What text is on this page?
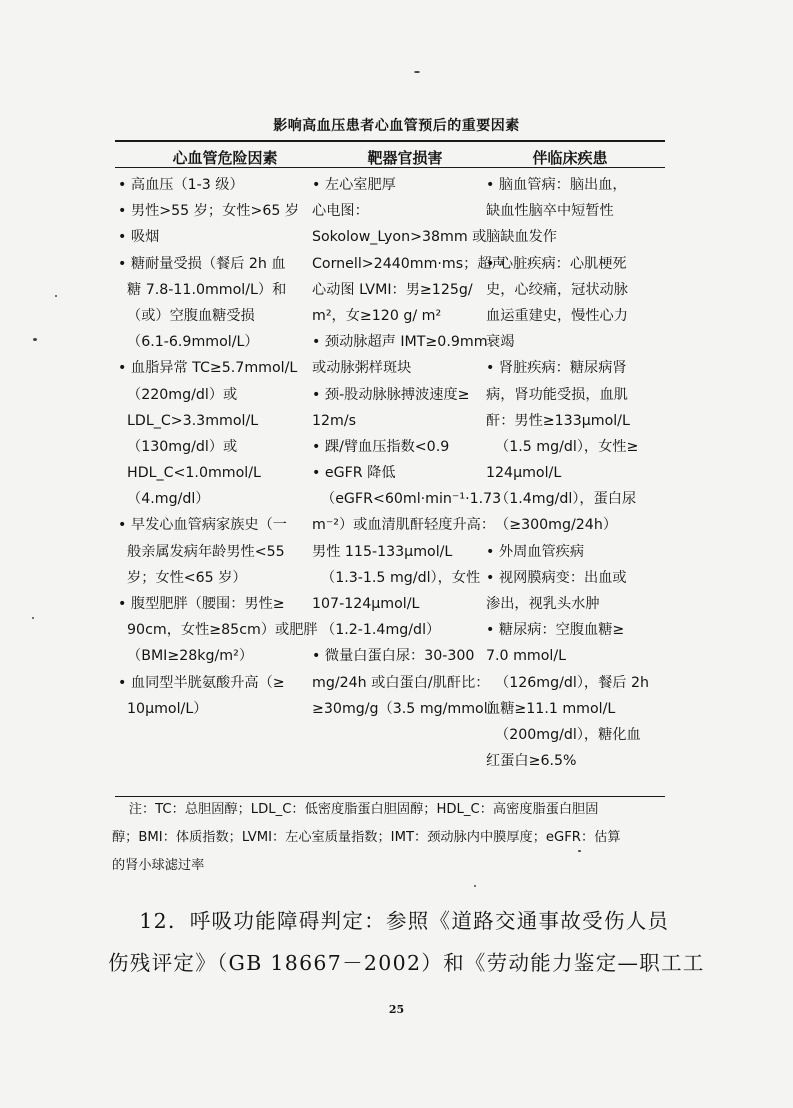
影响高血压患者心血管预后的重要因素
心血管危险因素	靶器官损害	伴临床疾患
• 高血压（1-3 级）
• 男性>55 岁；女性>65 岁
• 吸烟
• 糖耐量受损（餐后 2h 血
糖 7.8-11.0mmol/L）和
（或）空腹血糖受损
（6.1-6.9mmol/L）
• 血脂异常 TC≥5.7mmol/L
（220mg/dl）或
LDL_C>3.3mmol/L
（130mg/dl）或
HDL_C<1.0mmol/L
（4.mg/dl）
• 早发心血管病家族史（一
般亲属发病年龄男性<55
岁；女性<65 岁）
• 腹型肥胖（腰围：男性≥
90cm，女性≥85cm）或肥胖
（BMI≥28kg/m²）
• 血同型半胱氨酸升高（≥
10μmol/L）
• 左心室肥厚
心电图：
Sokolow_Lyon>38mm 或
Cornell>2440mm·ms；超声
心动图 LVMI：男≥125g/
m²，女≥120 g/ m²
• 颈动脉超声 IMT≥0.9mm
或动脉粥样斑块
• 颈-股动脉脉搏波速度≥
12m/s
• 踝/臂血压指数<0.9
• eGFR 降低
（eGFR<60ml·min⁻¹·1.73
m⁻²）或血清肌酐轻度升高：
男性 115-133μmol/L
（1.3-1.5 mg/dl），女性
107-124μmol/L
（1.2-1.4mg/dl）
• 微量白蛋白尿：30-300
mg/24h 或白蛋白/肌酐比：
≥30mg/g（3.5 mg/mmol）
• 脑血管病：脑出血，
缺血性脑卒中短暂性
脑缺血发作
• 心脏疾病：心肌梗死
史，心绞痛，冠状动脉
血运重建史，慢性心力
衰竭
• 肾脏疾病：糖尿病肾
病，肾功能受损，血肌
酐：男性≥133μmol/L
（1.5 mg/dl），女性≥
124μmol/L
（1.4mg/dl），蛋白尿
（≥300mg/24h）
• 外周血管疾病
• 视网膜病变：出血或
渗出，视乳头水肿
• 糖尿病：空腹血糖≥
7.0 mmol/L
（126mg/dl），餐后 2h
血糖≥11.1 mmol/L
（200mg/dl），糖化血
红蛋白≥6.5%
注：TC：总胆固醇；LDL_C：低密度脂蛋白胆固醇；HDL_C：高密度脂蛋白胆固
醇；BMI：体质指数；LVMI：左心室质量指数；IMT：颈动脉内中膜厚度；eGFR：估算
的肾小球滤过率
12．呼吸功能障碍判定：参照《道路交通事故受伤人员
伤残评定》（GB 18667－2002）和《劳动能力鉴定—职工工
25
